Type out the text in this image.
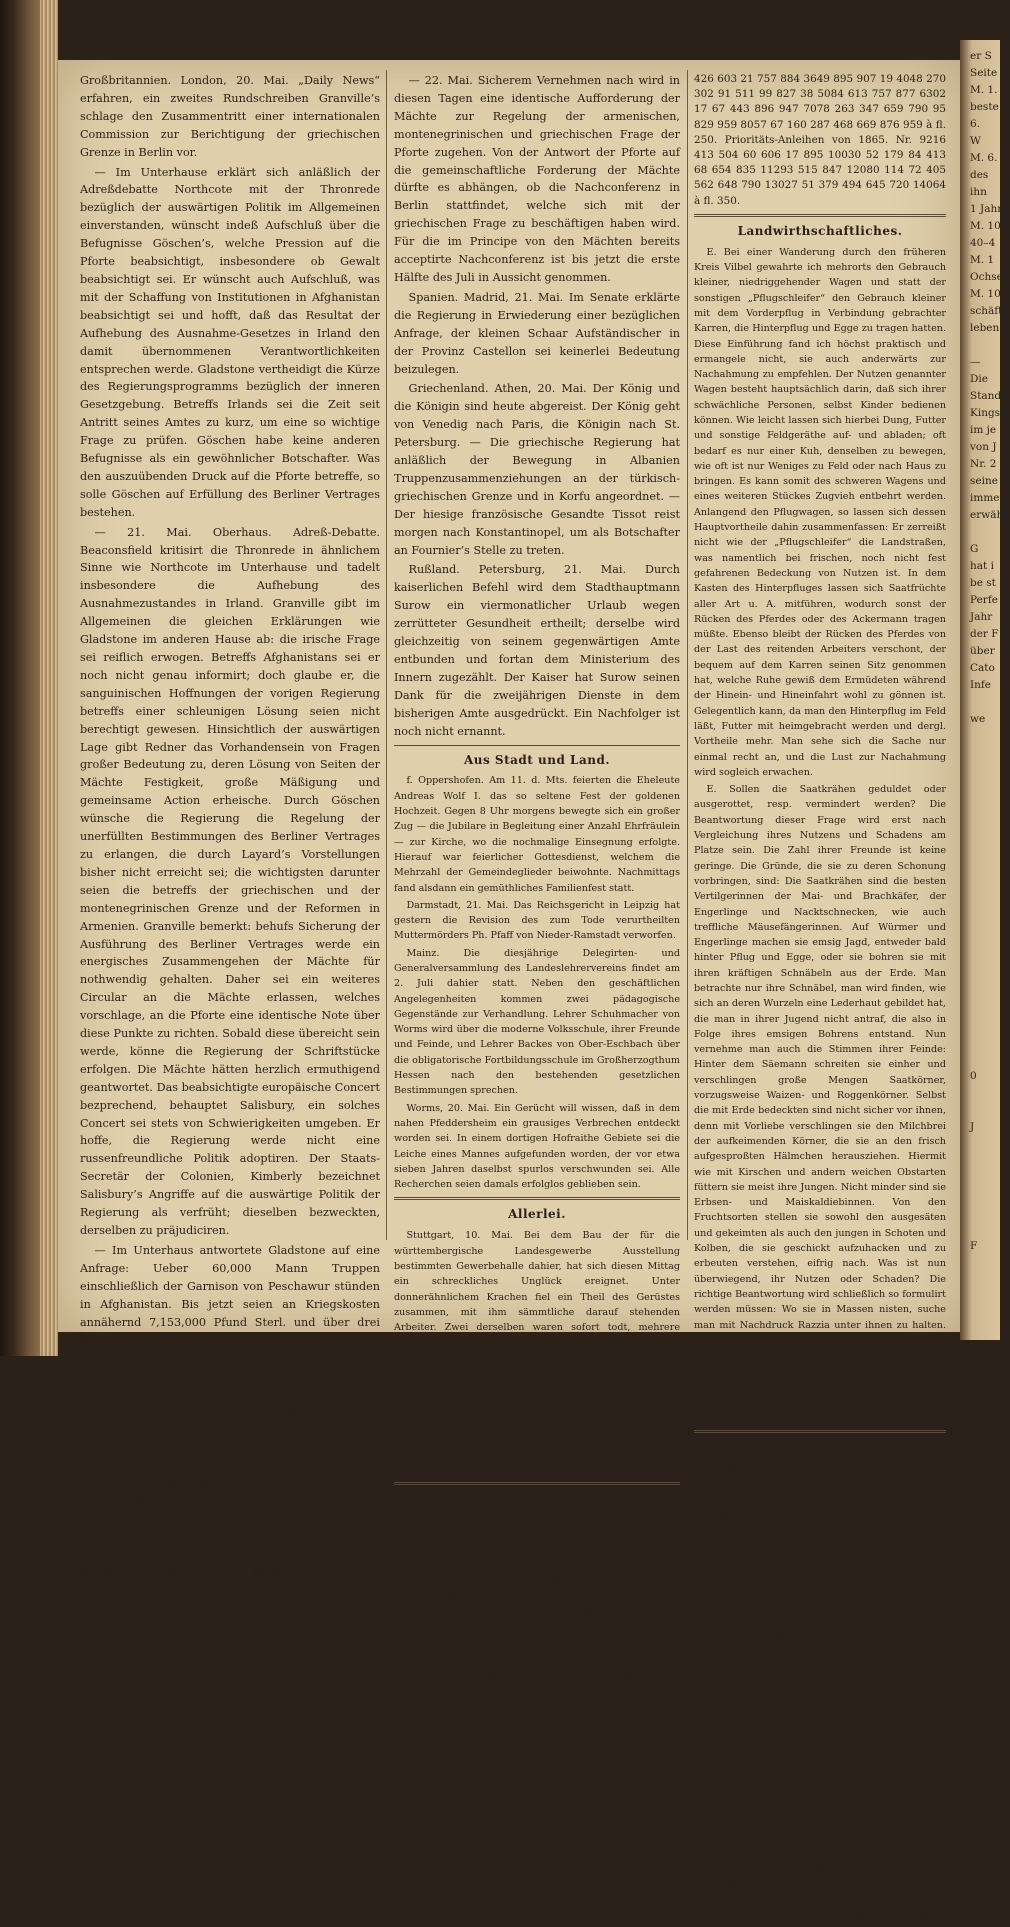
Großbritannien. London, 20. Mai. „Daily News“ erfahren, ein zweites Rundschreiben Granville’s schlage den Zusammentritt einer internationalen Commission zur Berichtigung der griechischen Grenze in Berlin vor.

— Im Unterhause erklärt sich anläßlich der Adreßdebatte Northcote mit der Thronrede bezüglich der auswärtigen Politik im Allgemeinen einverstanden, wünscht indeß Aufschluß über die Befugnisse Göschen’s, welche Pression auf die Pforte beabsichtigt, insbesondere ob Gewalt beabsichtigt sei. Er wünscht auch Aufschluß, was mit der Schaffung von Institutionen in Afghanistan beabsichtigt sei und hofft, daß das Resultat der Aufhebung des Ausnahme-Gesetzes in Irland den damit übernommenen Verantwortlichkeiten entsprechen werde. Gladstone vertheidigt die Kürze des Regierungsprogramms bezüglich der inneren Gesetzgebung. Betreffs Irlands sei die Zeit seit Antritt seines Amtes zu kurz, um eine so wichtige Frage zu prüfen. Göschen habe keine anderen Befugnisse als ein gewöhnlicher Botschafter. Was den auszuübenden Druck auf die Pforte betreffe, so solle Göschen auf Erfüllung des Berliner Vertrages bestehen.

— 21. Mai. Oberhaus. Adreß-Debatte. Beaconsfield kritisirt die Thronrede in ähnlichem Sinne wie Northcote im Unterhause und tadelt insbesondere die Aufhebung des Ausnahmezustandes in Irland. Granville gibt im Allgemeinen die gleichen Erklärungen wie Gladstone im anderen Hause ab: die irische Frage sei reiflich erwogen. Betreffs Afghanistans sei er noch nicht genau informirt; doch glaube er, die sanguinischen Hoffnungen der vorigen Regierung betreffs einer schleunigen Lösung seien nicht berechtigt gewesen. Hinsichtlich der auswärtigen Lage gibt Redner das Vorhandensein von Fragen großer Bedeutung zu, deren Lösung von Seiten der Mächte Festigkeit, große Mäßigung und gemeinsame Action erheische. Durch Göschen wünsche die Regierung die Regelung der unerfüllten Bestimmungen des Berliner Vertrages zu erlangen, die durch Layard’s Vorstellungen bisher nicht erreicht sei; die wichtigsten darunter seien die betreffs der griechischen und der montenegrinischen Grenze und der Reformen in Armenien. Granville bemerkt: behufs Sicherung der Ausführung des Berliner Vertrages werde ein energisches Zusammengehen der Mächte für nothwendig gehalten. Daher sei ein weiteres Circular an die Mächte erlassen, welches vorschlage, an die Pforte eine identische Note über diese Punkte zu richten. Sobald diese übereicht sein werde, könne die Regierung der Schriftstücke erfolgen. Die Mächte hätten herzlich ermuthigend geantwortet. Das beabsichtigte europäische Concert bezprechend, behauptet Salisbury, ein solches Concert sei stets von Schwierigkeiten umgeben. Er hoffe, die Regierung werde nicht eine russenfreundliche Politik adoptiren. Der Staats-Secretär der Colonien, Kimberly bezeichnet Salisbury’s Angriffe auf die auswärtige Politik der Regierung als verfrüht; dieselben bezweckten, derselben zu präjudiciren.

— Im Unterhaus antwortete Gladstone auf eine Anfrage: Ueber 60,000 Mann Truppen einschließlich der Garnison von Peschawur stünden in Afghanistan. Bis jetzt seien an Kriegskosten annähernd 7,153,000 Pfund Sterl. und über drei Millionen Pfund Sterl. für Eisenbahn-Communication verausgabt worden. Sobald die Häuptlinge einen Herrscher von Kabul erwählt hätten, dessen Autorität eine dauernde Freundschaft gegen England verheiße, würden die Truppen allmählich zurückgezogen werden. Duff antwortete Dillwyn auf eine Anfrage, es sei erwünscht, daß Bartle Frere das Werk der Conföderation im Caplande vollende. Hierauf folgt die Adreßdebatte. Der Unterstaatssecretär des Aeußeren, Dilke, sagt, es sei Aussicht vorhanden, daß die griechische Grenzfrage auf der Basis des Berliner Protokols geregelt werde. In Betreff Montenegros hätten sich die Mächte bezüglich der Compromißvorschläge des Grafen Corti geeinigt.

— 22. Mai. Sicherem Vernehmen nach wird in diesen Tagen eine identische Aufforderung der Mächte zur Regelung der armenischen, montenegrinischen und griechischen Frage der Pforte zugehen. Von der Antwort der Pforte auf die gemeinschaftliche Forderung der Mächte dürfte es abhängen, ob die Nachconferenz in Berlin stattfindet, welche sich mit der griechischen Frage zu beschäftigen haben wird. Für die im Principe von den Mächten bereits acceptirte Nachconferenz ist bis jetzt die erste Hälfte des Juli in Aussicht genommen.

Spanien. Madrid, 21. Mai. Im Senate erklärte die Regierung in Erwiederung einer bezüglichen Anfrage, der kleinen Schaar Aufständischer in der Provinz Castellon sei keinerlei Bedeutung beizulegen.

Griechenland. Athen, 20. Mai. Der König und die Königin sind heute abgereist. Der König geht von Venedig nach Paris, die Königin nach St. Petersburg. — Die griechische Regierung hat anläßlich der Bewegung in Albanien Truppenzusammenziehungen an der türkisch-griechischen Grenze und in Korfu angeordnet. — Der hiesige französische Gesandte Tissot reist morgen nach Konstantinopel, um als Botschafter an Fournier’s Stelle zu treten.

Rußland. Petersburg, 21. Mai. Durch kaiserlichen Befehl wird dem Stadthauptmann Surow ein viermonatlicher Urlaub wegen zerrütteter Gesundheit ertheilt; derselbe wird gleichzeitig von seinem gegenwärtigen Amte entbunden und fortan dem Ministerium des Innern zugezählt. Der Kaiser hat Surow seinen Dank für die zweijährigen Dienste in dem bisherigen Amte ausgedrückt. Ein Nachfolger ist noch nicht ernannt.

Aus Stadt und Land.

f. Oppershofen. Am 11. d. Mts. feierten die Eheleute Andreas Wolf I. das so seltene Fest der goldenen Hochzeit. Gegen 8 Uhr morgens bewegte sich ein großer Zug — die Jubilare in Begleitung einer Anzahl Ehrfräulein — zur Kirche, wo die nochmalige Einsegnung erfolgte. Hierauf war feierlicher Gottesdienst, welchem die Mehrzahl der Gemeindeglieder beiwohnte. Nachmittags fand alsdann ein gemüthliches Familienfest statt.

Darmstadt, 21. Mai. Das Reichsgericht in Leipzig hat gestern die Revision des zum Tode verurtheilten Muttermörders Ph. Pfaff von Nieder-Ramstadt verworfen.

Mainz. Die diesjährige Delegirten- und Generalversammlung des Landeslehrervereins findet am 2. Juli dahier statt. Neben den geschäftlichen Angelegenheiten kommen zwei pädagogische Gegenstände zur Verhandlung. Lehrer Schuhmacher von Worms wird über die moderne Volksschule, ihrer Freunde und Feinde, und Lehrer Backes von Ober-Eschbach über die obligatorische Fortbildungsschule im Großherzogthum Hessen nach den bestehenden gesetzlichen Bestimmungen sprechen.

Worms, 20. Mai. Ein Gerücht will wissen, daß in dem nahen Pfeddersheim ein grausiges Verbrechen entdeckt worden sei. In einem dortigen Hofraithe Gebiete sei die Leiche eines Mannes aufgefunden worden, der vor etwa sieben Jahren daselbst spurlos verschwunden sei. Alle Recherchen seien damals erfolglos geblieben sein.

Allerlei.

Stuttgart, 10. Mai. Bei dem Bau der für die württembergische Landesgewerbe Ausstellung bestimmten Gewerbehalle dahier, hat sich diesen Mittag ein schreckliches Unglück ereignet. Unter donnerähnlichem Krachen fiel ein Theil des Gerüstes zusammen, mit ihm sämmtliche darauf stehenden Arbeiter. Zwei derselben waren sofort todt, mehrere erlitten starke Verletzungen.

Berlin, 21. Mai. Der Präsident der Seehandlung, Bitter, ist heute gestorben.

Barcelona, 22. Mai. Die hiesige Baumwollspinnerei Marzell ist ein Raub der Flammen geworden, und zwar durch meuterische Arbeiter, welche auch die Maschinen zerstörten. Die Anstifter wurden verhaftet und alle Arbeitervereine in Catalonien von dem Präfecten aufgelöst. Die Ordnung ist wieder hergestellt.

Verloosungen.

Finnländische Thlr. 10-Loose von 1868. Gewinn-Ziehung vom 1. Mai 1880. Heimzahlung am 1. Aug. 1880. Serie 4776 Nr. 2 Thlr. 30000. S. 929 Nr. 18 Thlr. 3000. S. 2317 Nr. 12, S. 16132 Nr. 11 à Thlr. 600. S. 2242 Nr. 1, S. 2476 Nr. 17, S. 7404 Nr. 18, S. 9953 Nr. 15, S. 10995 Nr. 11 à Thlr. 300. S. 1190 Nr. 17, S. 1586 Nr. 18, S. 2494 Nr. 3, S. 6479 Nr. 5, S. 7317 Nr. 2, S. 10995 Nr. 14 à Thlr. 150. Auf alle übrigen Nummern in den am 1. Februar 1880 gezogenen Serien entfällt der geringste Gewinn von Thlr. 12.

Hessische Ludwigs-Eisenb. 4pCt. Prior.-Oblig. Ziehung vom 4. Mai 1880. Heimzahlung am 1. Juli 1880. Prioritäts-Anleihen von 1863. Nr. 254 407 723 44 850 916 1253 400 645 992 2037 129 272

426 603 21 757 884 3649 895 907 19 4048 270 302 91 511 99 827 38 5084 613 757 877 6302 17 67 443 896 947 7078 263 347 659 790 95 829 959 8057 67 160 287 468 669 876 959 à fl. 250. Prioritäts-Anleihen von 1865. Nr. 9216 413 504 60 606 17 895 10030 52 179 84 413 68 654 835 11293 515 847 12080 114 72 405 562 648 790 13027 51 379 494 645 720 14064 à fl. 350.

Landwirthschaftliches.

E. Bei einer Wanderung durch den früheren Kreis Vilbel gewahrte ich mehrorts den Gebrauch kleiner, niedriggehender Wagen und statt der sonstigen „Pflugschleifer“ den Gebrauch kleiner mit dem Vorderpflug in Verbindung gebrachter Karren, die Hinterpflug und Egge zu tragen hatten. Diese Einführung fand ich höchst praktisch und ermangele nicht, sie auch anderwärts zur Nachahmung zu empfehlen. Der Nutzen genannter Wagen besteht hauptsächlich darin, daß sich ihrer schwächliche Personen, selbst Kinder bedienen können. Wie leicht lassen sich hierbei Dung, Futter und sonstige Feldgeräthe auf- und abladen; oft bedarf es nur einer Kuh, denselben zu bewegen, wie oft ist nur Weniges zu Feld oder nach Haus zu bringen. Es kann somit des schweren Wagens und eines weiteren Stückes Zugvieh entbehrt werden. Anlangend den Pflugwagen, so lassen sich dessen Hauptvortheile dahin zusammenfassen: Er zerreißt nicht wie der „Pflugschleifer“ die Landstraßen, was namentlich bei frischen, noch nicht fest gefahrenen Bedeckung von Nutzen ist. In dem Kasten des Hinterpfluges lassen sich Saatfrüchte aller Art u. A. mitführen, wodurch sonst der Rücken des Pferdes oder des Ackermann tragen müßte. Ebenso bleibt der Rücken des Pferdes von der Last des reitenden Arbeiters verschont, der bequem auf dem Karren seinen Sitz genommen hat, welche Ruhe gewiß dem Ermüdeten während der Hinein- und Hineinfahrt wohl zu gönnen ist. Gelegentlich kann, da man den Hinterpflug im Feld läßt, Futter mit heimgebracht werden und dergl. Vortheile mehr. Man sehe sich die Sache nur einmal recht an, und die Lust zur Nachahmung wird sogleich erwachen.

E. Sollen die Saatkrähen geduldet oder ausgerottet, resp. vermindert werden? Die Beantwortung dieser Frage wird erst nach Vergleichung ihres Nutzens und Schadens am Platze sein. Die Zahl ihrer Freunde ist keine geringe. Die Gründe, die sie zu deren Schonung vorbringen, sind: Die Saatkrähen sind die besten Vertilgerinnen der Mai- und Brachkäfer, der Engerlinge und Nacktschnecken, wie auch treffliche Mäusefängerinnen. Auf Würmer und Engerlinge machen sie emsig Jagd, entweder bald hinter Pflug und Egge, oder sie bohren sie mit ihren kräftigen Schnäbeln aus der Erde. Man betrachte nur ihre Schnäbel, man wird finden, wie sich an deren Wurzeln eine Lederhaut gebildet hat, die man in ihrer Jugend nicht antraf, die also in Folge ihres emsigen Bohrens entstand. Nun vernehme man auch die Stimmen ihrer Feinde: Hinter dem Säemann schreiten sie einher und verschlingen große Mengen Saatkörner, vorzugsweise Waizen- und Roggenkörner. Selbst die mit Erde bedeckten sind nicht sicher vor ihnen, denn mit Vorliebe verschlingen sie den Milchbrei der aufkeimenden Körner, die sie an den frisch aufgesproßten Hälmchen herausziehen. Hiermit wie mit Kirschen und andern weichen Obstarten füttern sie meist ihre Jungen. Nicht minder sind sie Erbsen- und Maiskaldiebinnen. Von den Fruchtsorten stellen sie sowohl den ausgesäten und gekeimten als auch den jungen in Schoten und Kolben, die sie geschickt aufzuhacken und zu erbeuten verstehen, eifrig nach. Was ist nun überwiegend, ihr Nutzen oder Schaden? Die richtige Beantwortung wird schließlich so formulirt werden müssen: Wo sie in Massen nisten, suche man mit Nachdruck Razzia unter ihnen zu halten. Als Radikalmittel schlagen wir vor: Auf Kosten der angrenzenden Gemeinden ihrer Brutstätte vergifte man Fleisch gefallener Thiere und hänge Portionen davon an die Bäume ihrer Nistung, und dies ganz besonders zur Zeit, in welcher sich die junge Kolonie in den Nestern mitvergiftet werden kann.

Handel und Verkehr.

Friedberg, 22. Mai. Wochenmarkt. Butter kostete per Pfund M. 1.05–1.20, Eier per Stück 5 Pf.

Gießen, 22. Mai. Wochenmarkt. Butter per Pfd. M. 0.98–1.10, Eier 2 Stück 9 Pf., Käse per Stück 5–12 Pf., Tauben das Paar 60–75 Pf., Hühner per Stück M. 1.–1.50, Hahnen per Stück M. 1.20–1.50, Wälsche M. 6.–7., Enten per Stück M. 2.70–3. Kartoffeln per 100 Kilo M. 6. Ochsenfleisch 68 Pf. per Pfd., Kuh- und Rindfleisch 50–56 Pf., Kalbfleisch 40–46 Pf., Hammelfleisch 66–70 Pf., Schweinefleisch 60 Pf.

Frankfurt, 22. Mai. Marktbericht. Heu kostete der Centner je nach Qual. M. 3.50–3.60, Stroh M. 2.–3.20. Butter im Großen 1. Qual. M. 1.10, 2. Qual. M. 1.—, im Detail 1. Qual. M. 1.20, 2. Qual. M. 1.10. Eier das Hundert M. 4.–4.50. Ochsenfleisch das Pfund 65–70 Pf., Kuh-, Rind- und Farrenfleisch 45–60 Pf., Kalbfleisch 55–70 Pf., Schweinefleisch 65–70 Pf., Hammelfleisch 45–65 Pf., Kopfsalat das Stück 10–12 Pf., Radieschen 3–4 Pf., Romain-Salat 30–50 Pf., neue Kartoffeln per Pfund 30–40 Pf., neuer Blumenkohl M. 1.–, frische Kohlrabi 20 Pf., Bohnen 100 Pf., M. 2.50–3., junge Erbsen das Pfund 50 Pf., Huhn M. 2.–2.50, Hahn M. 2.40–2.60, Ente M. 2.70–3.20, Taube 50–60 Pf., Kapaune M. 3.–3.50, Wälsche M. 5.–12., junge Gänse M. 5.–8.

Marburg, 22. Mai. Wochenmarkt. Butter kostete per Pfd. M. 1.20–1.30, Eier 9–10 Stück 40 Pf., Salat

er S
Seite
M. 1.
beste
6.
W
M. 6.
des
ihn
1 Jahre
M. 10
40–4
M. 1
Ochsen
M. 10
schäft
leben

—
Die
Stande
Kingst
im je
von J
Nr. 2
seine
immer
erwähn

G
hat i
be st
Perfe
Jahr
der F
über
Cato
Infe

we

0

J

F
